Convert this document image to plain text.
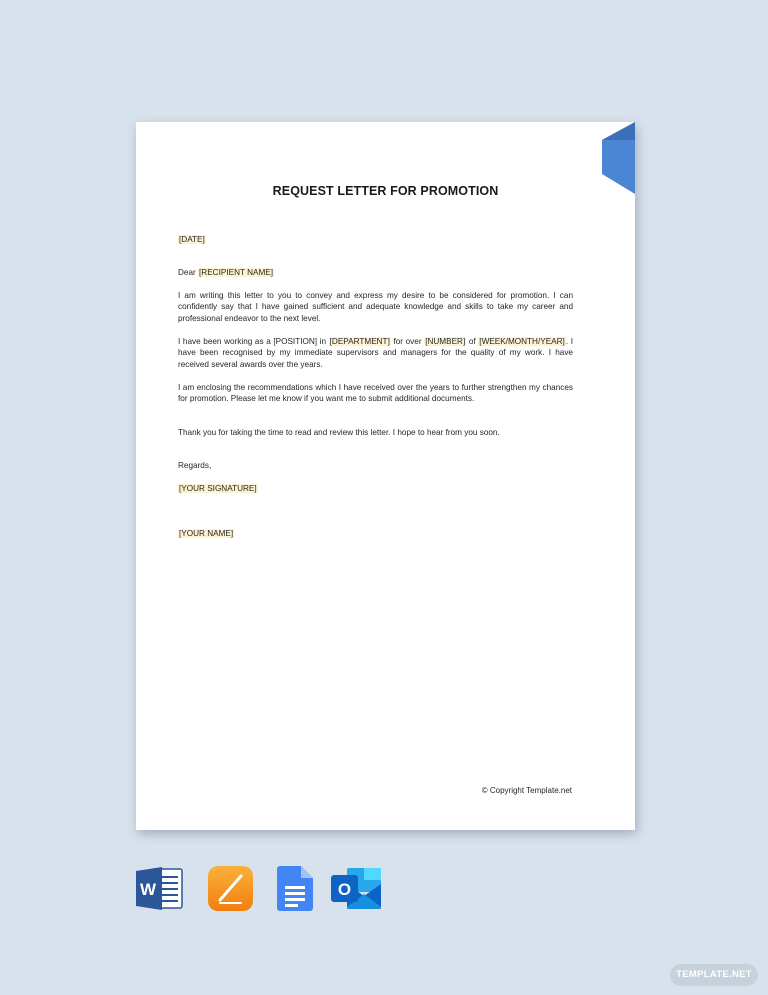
REQUEST LETTER FOR PROMOTION
[DATE]
Dear [RECIPIENT NAME]
I am writing this letter to you to convey and express my desire to be considered for promotion. I can confidently say that I have gained sufficient and adequate knowledge and skills to take my career and professional endeavor to the next level.
I have been working as a [POSITION] in [DEPARTMENT] for over [NUMBER] of [WEEK/MONTH/YEAR]. I have been recognised by my immediate supervisors and managers for the quality of my work. I have received several awards over the years.
I am enclosing the recommendations which I have received over the years to further strengthen my chances for promotion. Please let me know if you want me to submit additional documents.
Thank you for taking the time to read and review this letter. I hope to hear from you soon.
Regards,
[YOUR SIGNATURE]
[YOUR NAME]
© Copyright Template.net
W	O
TEMPLATE.NET
